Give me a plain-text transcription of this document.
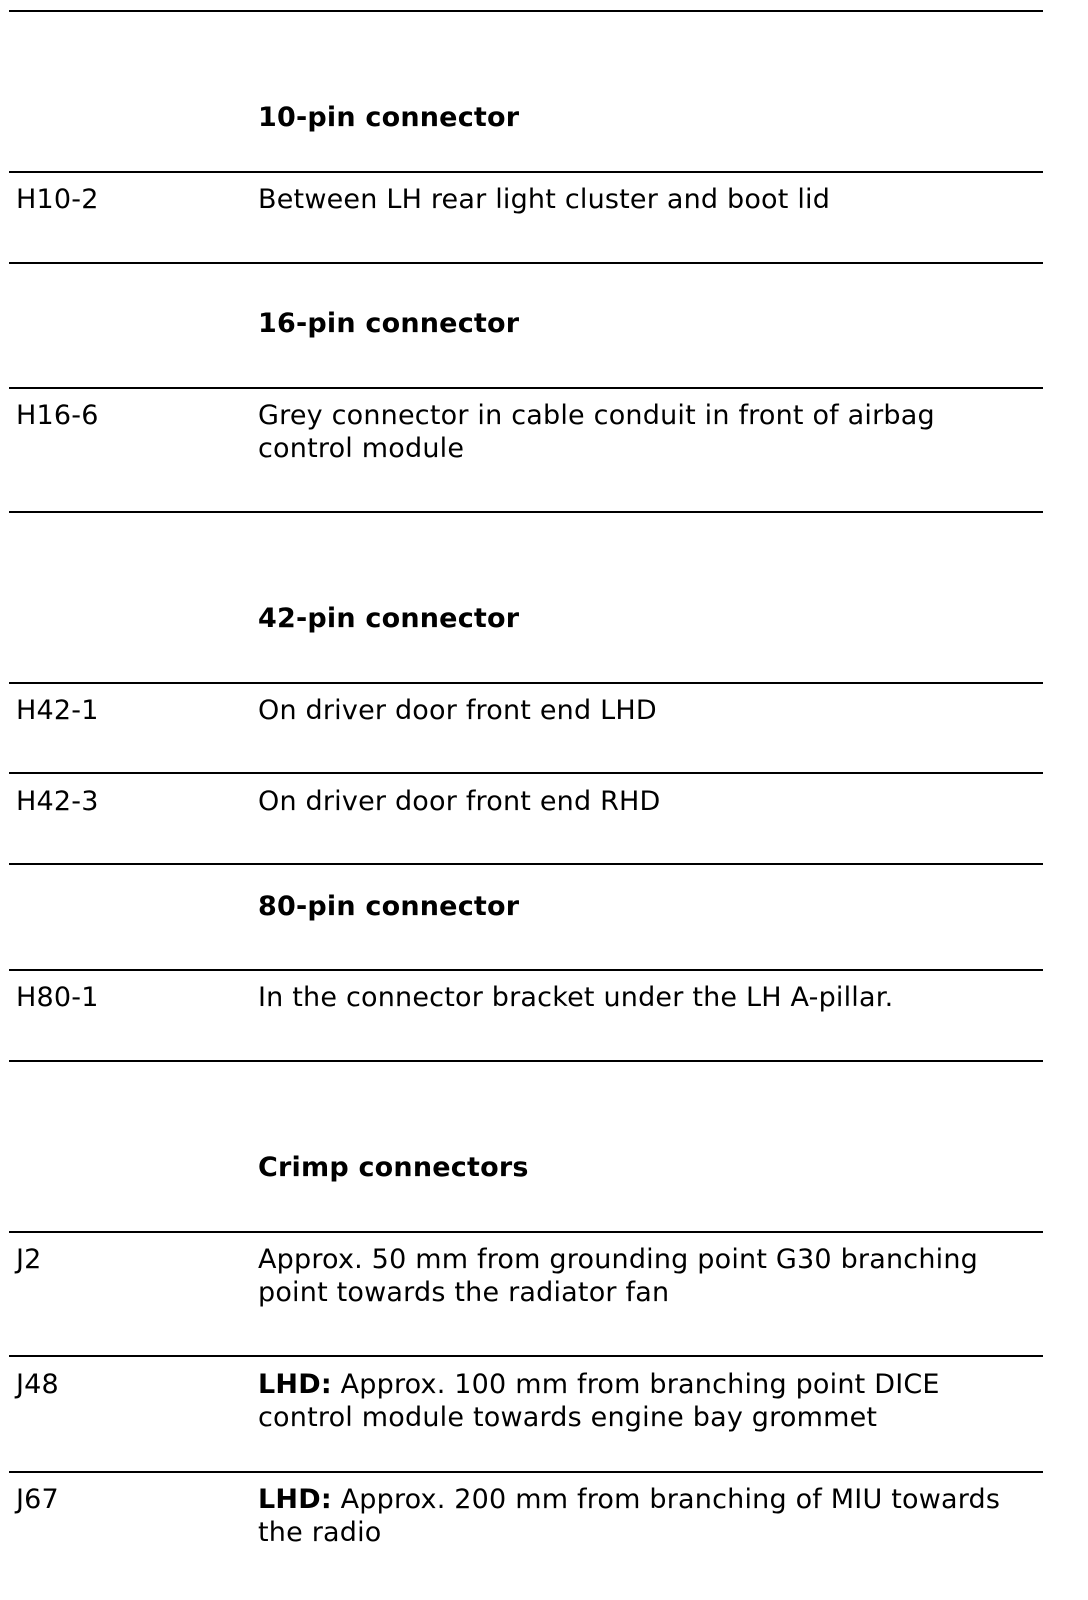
10-pin connector
H10-2	Between LH rear light cluster and boot lid
16-pin connector
H16-6	Grey connector in cable conduit in front of airbag
control module
42-pin connector
H42-1	On driver door front end LHD
H42-3	On driver door front end RHD
80-pin connector
H80-1	In the connector bracket under the LH A-pillar.
Crimp connectors
J2	Approx. 50 mm from grounding point G30 branching
point towards the radiator fan
J48	LHD: Approx. 100 mm from branching point DICE
control module towards engine bay grommet
J67	LHD: Approx. 200 mm from branching of MIU towards
the radio
